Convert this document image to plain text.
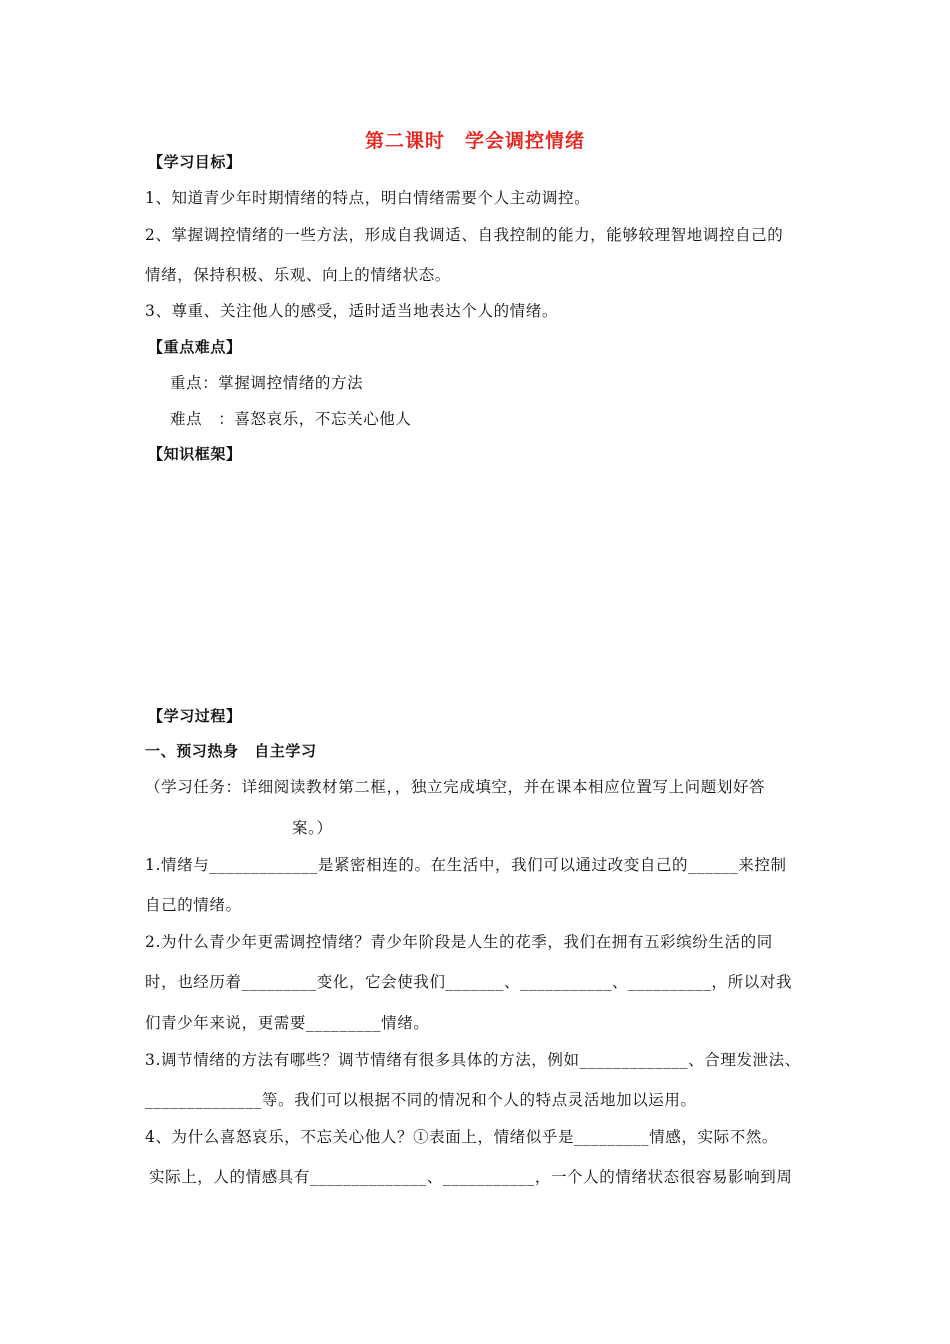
第二课时　学会调控情绪
【学习目标】
1、知道青少年时期情绪的特点，明白情绪需要个人主动调控。
2、掌握调控情绪的一些方法，形成自我调适、自我控制的能力，能够较理智地调控自己的
情绪，保持积极、乐观、向上的情绪状态。
3、尊重、关注他人的感受，适时适当地表达个人的情绪。
【重点难点】
重点：掌握调控情绪的方法
难点　：喜怒哀乐，不忘关心他人
【知识框架】
【学习过程】
一、预习热身　自主学习
（学习任务：详细阅读教材第二框，，独立完成填空，并在课本相应位置写上问题划好答
案。）
1.情绪与_____________是紧密相连的。在生活中，我们可以通过改变自己的______来控制
自己的情绪。
2.为什么青少年更需调控情绪？青少年阶段是人生的花季，我们在拥有五彩缤纷生活的同
时，也经历着_________变化，它会使我们_______、___________、__________，所以对我
们青少年来说，更需要_________情绪。
3.调节情绪的方法有哪些？调节情绪有很多具体的方法，例如_____________、合理发泄法、
______________等。我们可以根据不同的情况和个人的特点灵活地加以运用。
4、为什么喜怒哀乐，不忘关心他人？①表面上，情绪似乎是_________情感，实际不然。
实际上，人的情感具有______________、___________，一个人的情绪状态很容易影响到周
